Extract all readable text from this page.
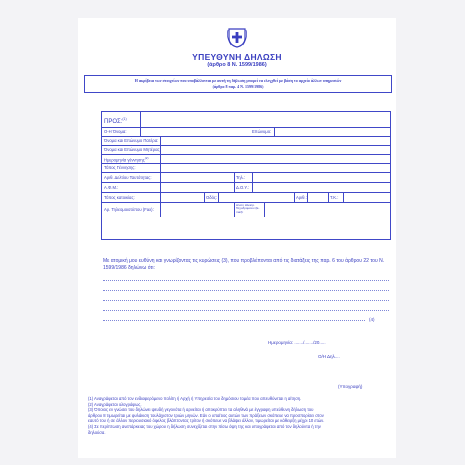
ΥΠΕΥΘΥΝΗ ΔΗΛΩΣΗ
(άρθρο 8 Ν. 1599/1986)
Η ακρίβεια των στοιχείων που υποβάλλονται με αυτή τη δήλωση μπορεί να ελεγχθεί με βάση το αρχείο άλλων υπηρεσιών
(άρθρο 8 παρ. 4 Ν. 1599/1986)
ΠΡΟΣ:$^{(1)}$
Ο-Η Όνομα:	Επώνυμο:
Όνομα και Επώνυμο Πατέρα:
Όνομα και Επώνυμο Μητέρας:
Ημερομηνία γέννησης$^{(2)}$
Τόπος Γέννησης:
Αριθ. Δελτίου Ταυτότητας:	Τηλ.:
Α.Φ.Μ.:	Δ.Ο.Υ.:
Τόπος κατοικίας:	Οδός:	Αριθ.:	Τ.Κ.:
Αρ. Τηλεομοιοτύπου (Fax):
Δ/νση Ηλεκτρ. Ταχυδρομείου (E-mail):
Με ατομική μου ευθύνη και γνωρίζοντας τις κυρώσεις (3), που προβλέπονται από τις διατάξεις της παρ. 6 του άρθρου 22 του Ν. 1599/1986 δηλώνω ότι:
(4)
Ημερομηνία: ......./......./20.....
Ο/Η Δηλ....
(Υπογραφή)
(1) Αναγράφεται από τον ενδιαφερόμενο πολίτη ή Αρχή ή Υπηρεσία του δημόσιου τομέα που απευθύνεται η αίτηση.
(2) Αναγράφεται ολογράφως.
(3) Όποιος εν γνώσει του δηλώνει ψευδή γεγονότα ή αρνείται ή αποκρύπτει τα αληθινά με έγγραφη υπεύθυνη δήλωση του
άρθρου 8 τιμωρείται με φυλάκιση τουλάχιστον τριών μηνών. Εάν ο υπαίτιος αυτών των πράξεων σκόπευε να προσπορίσει στον
εαυτό του ή σε άλλον περιουσιακό όφελος βλάπτοντας τρίτον ή σκόπευε να βλάψει άλλον, τιμωρείται με κάθειρξη μέχρι 10 ετών.
(4) Σε περίπτωση ανεπάρκειας του χώρου η δήλωση συνεχίζεται στην πίσω όψη της και υπογράφεται από τον δηλούντα ή την
δηλούσα.
